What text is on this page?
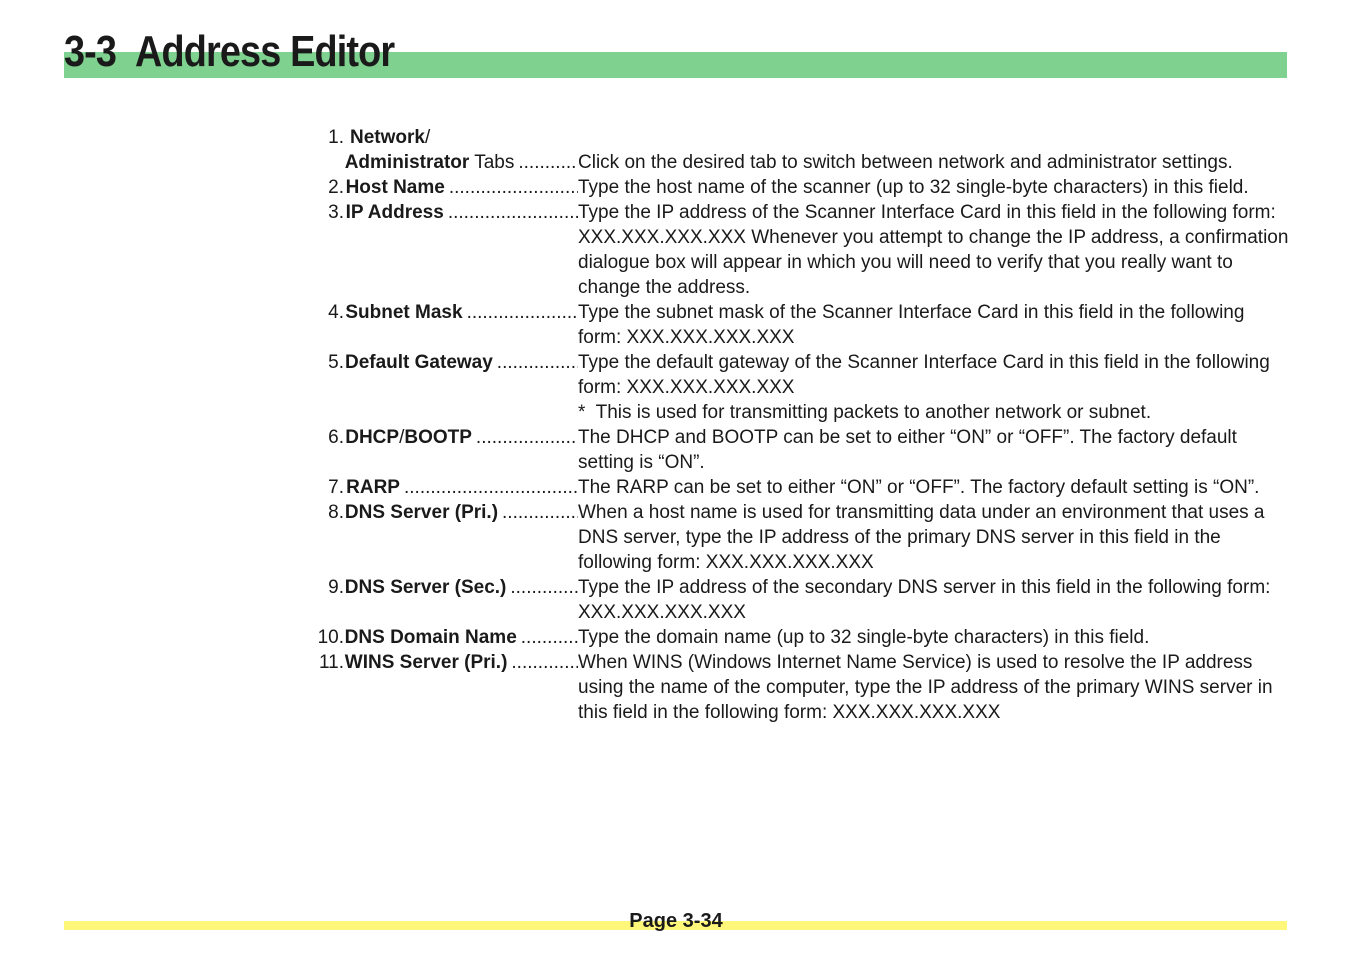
3-3 Address Editor
1. Network /
Administrator Tabs .....	Click on the desired tab to switch between network and administrator settings.
2. Host Name .....	Type the host name of the scanner (up to 32 single-byte characters) in this field.
3. IP Address .....	Type the IP address of the Scanner Interface Card in this field in the following form: XXX.XXX.XXX.XXX Whenever you attempt to change the IP address, a confirmation dialogue box will appear in which you will need to verify that you really want to change the address.
4. Subnet Mask .....	Type the subnet mask of the Scanner Interface Card in this field in the following form: XXX.XXX.XXX.XXX
5. Default Gateway .....	Type the default gateway of the Scanner Interface Card in this field in the following form: XXX.XXX.XXX.XXX
* This is used for transmitting packets to another network or subnet.
6. DHCP / BOOTP .....	The DHCP and BOOTP can be set to either “ON” or “OFF”. The factory default setting is “ON”.
7. RARP .....	The RARP can be set to either “ON” or “OFF”. The factory default setting is “ON”.
8. DNS Server (Pri.) .....	When a host name is used for transmitting data under an environment that uses a DNS server, type the IP address of the primary DNS server in this field in the following form: XXX.XXX.XXX.XXX
9. DNS Server (Sec.) .....	Type the IP address of the secondary DNS server in this field in the following form: XXX.XXX.XXX.XXX
10. DNS Domain Name .....	Type the domain name (up to 32 single-byte characters) in this field.
11. WINS Server (Pri.) .....	When WINS (Windows Internet Name Service) is used to resolve the IP address using the name of the computer, type the IP address of the primary WINS server in this field in the following form: XXX.XXX.XXX.XXX
Page 3-34
